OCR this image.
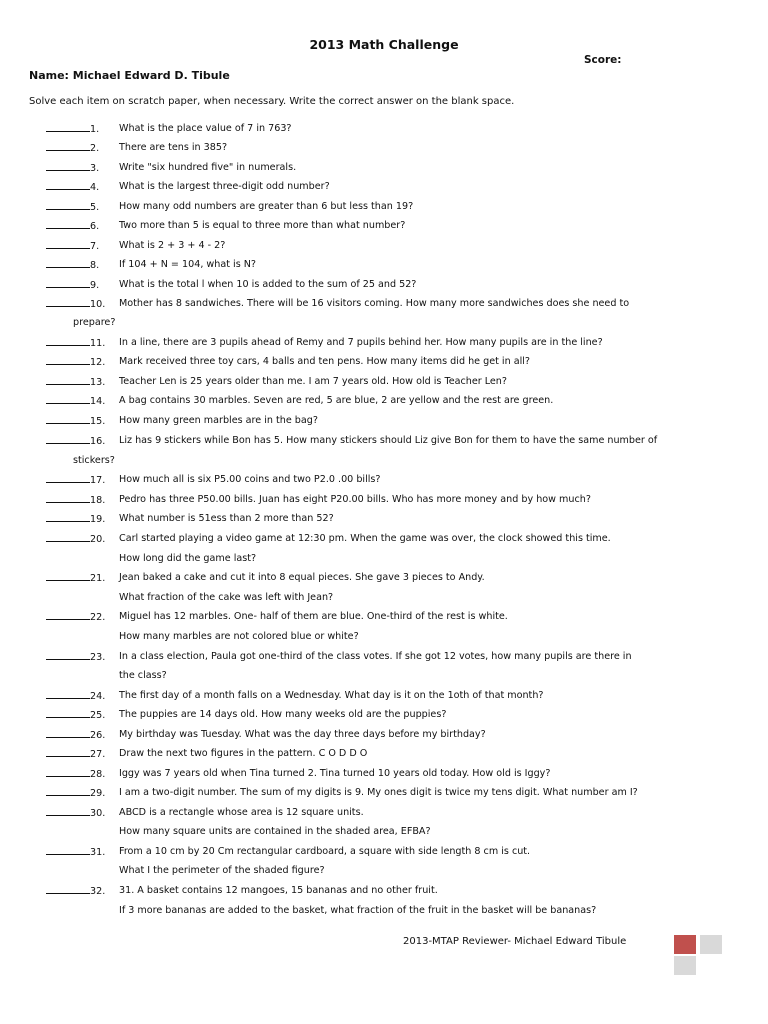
2013 Math Challenge
Score:
Name: Michael Edward D. Tibule
Solve each item on scratch paper, when necessary. Write the correct answer on the blank space.
1. What is the place value of 7 in 763?
2. There are tens in 385?
3. Write "six hundred five" in numerals.
4. What is the largest three-digit odd number?
5. How many odd numbers are greater than 6 but less than 19?
6. Two more than 5 is equal to three more than what number?
7. What is 2 + 3 + 4 - 2?
8. If 104 + N = 104, what is N?
9. What is the total l when 10 is added to the sum of 25 and 52?
10. Mother has 8 sandwiches. There will be 16 visitors coming. How many more sandwiches does she need to
prepare?
11. In a line, there are 3 pupils ahead of Remy and 7 pupils behind her. How many pupils are in the line?
12. Mark received three toy cars, 4 balls and ten pens. How many items did he get in all?
13. Teacher Len is 25 years older than me. I am 7 years old. How old is Teacher Len?
14. A bag contains 30 marbles. Seven are red, 5 are blue, 2 are yellow and the rest are green.
15. How many green marbles are in the bag?
16. Liz has 9 stickers while Bon has 5. How many stickers should Liz give Bon for them to have the same number of
stickers?
17. How much all is six P5.00 coins and two P2.0 .00 bills?
18. Pedro has three P50.00 bills. Juan has eight P20.00 bills. Who has more money and by how much?
19. What number is 51ess than 2 more than 52?
20. Carl started playing a video game at 12:30 pm. When the game was over, the clock showed this time.
How long did the game last?
21. Jean baked a cake and cut it into 8 equal pieces. She gave 3 pieces to Andy.
What fraction of the cake was left with Jean?
22. Miguel has 12 marbles. One- half of them are blue. One-third of the rest is white.
How many marbles are not colored blue or white?
23. In a class election, Paula got one-third of the class votes. If she got 12 votes, how many pupils are there in
the class?
24. The first day of a month falls on a Wednesday. What day is it on the 1oth of that month?
25. The puppies are 14 days old. How many weeks old are the puppies?
26. My birthday was Tuesday. What was the day three days before my birthday?
27. Draw the next two figures in the pattern. C O D D O
28. Iggy was 7 years old when Tina turned 2. Tina turned 10 years old today. How old is Iggy?
29. I am a two-digit number. The sum of my digits is 9. My ones digit is twice my tens digit. What number am I?
30. ABCD is a rectangle whose area is 12 square units.
How many square units are contained in the shaded area, EFBA?
31. From a 10 cm by 20 Cm rectangular cardboard, a square with side length 8 cm is cut.
What I the perimeter of the shaded figure?
32. 31. A basket contains 12 mangoes, 15 bananas and no other fruit.
If 3 more bananas are added to the basket, what fraction of the fruit in the basket will be bananas?
2013-MTAP Reviewer- Michael Edward Tibule
